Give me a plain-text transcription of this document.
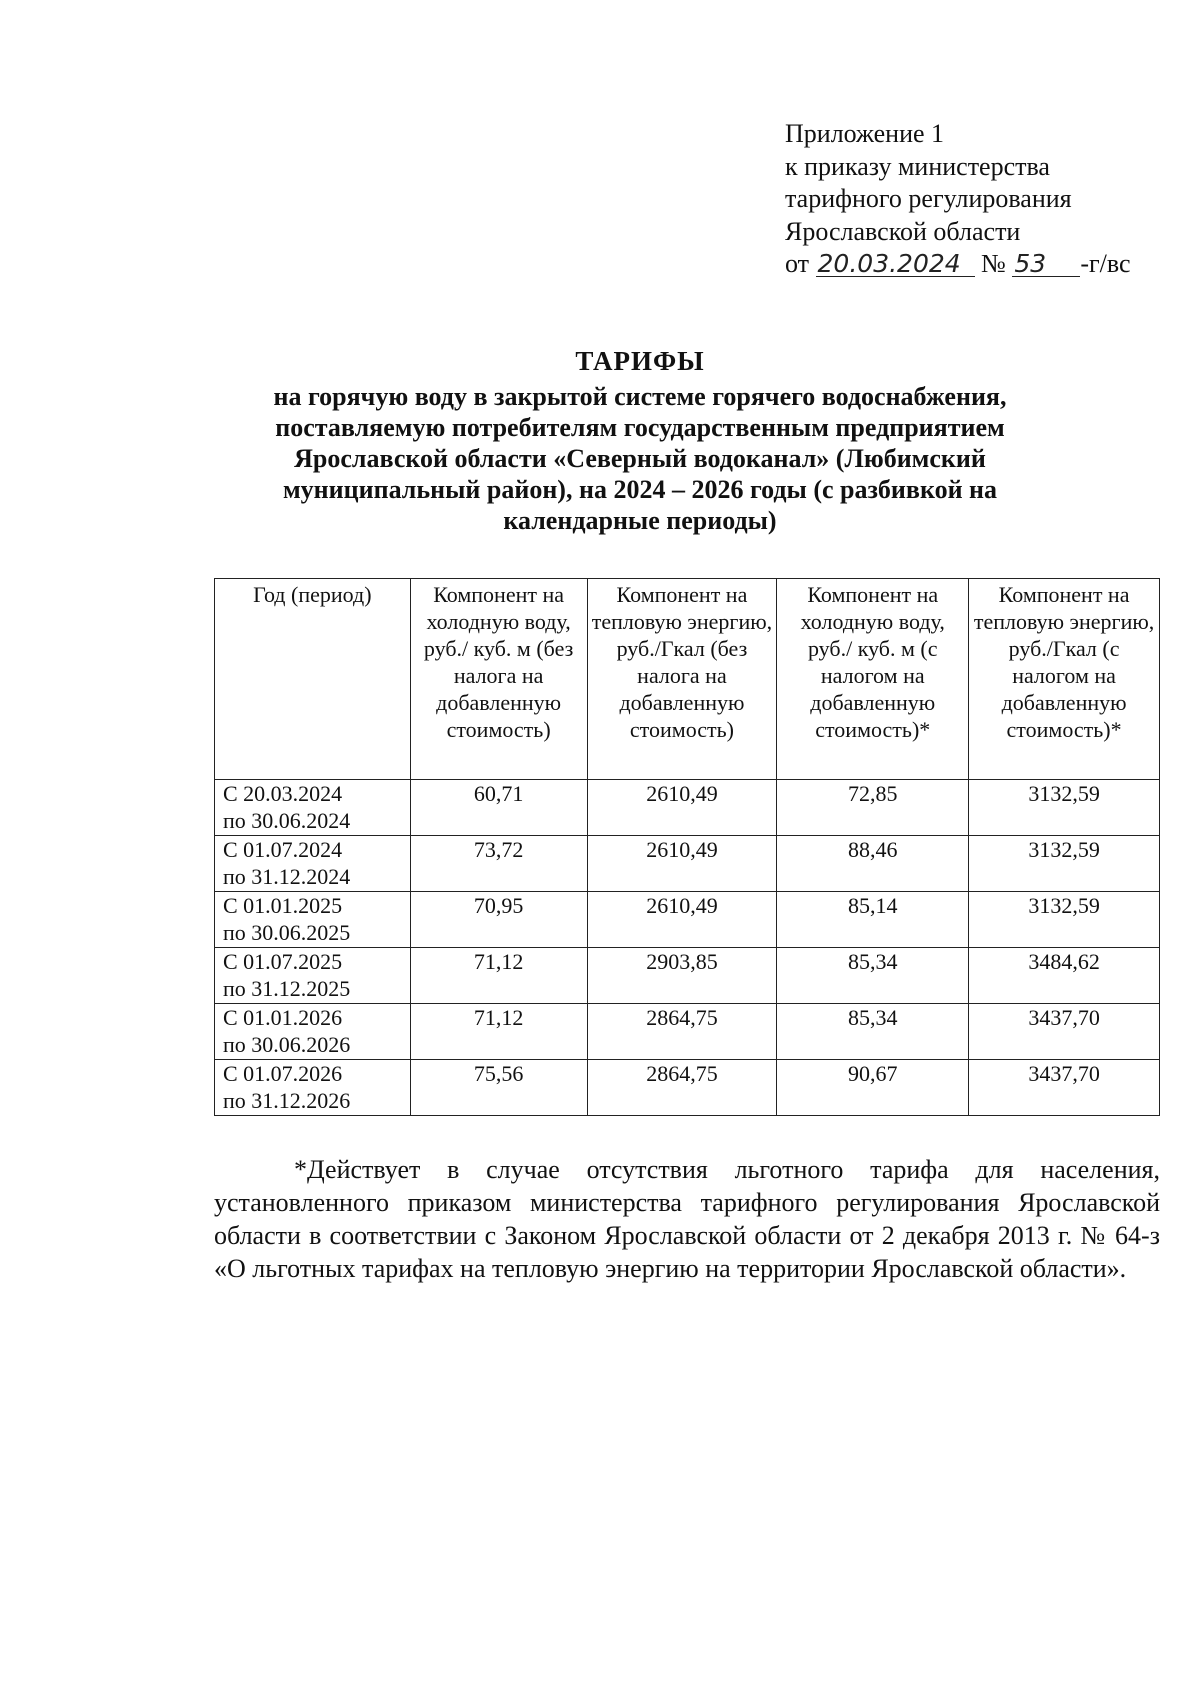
Приложение 1
к приказу министерства
тарифного регулирования
Ярославской области
от 20.03.2024 № 53 -г/вс
ТАРИФЫ
на горячую воду в закрытой системе горячего водоснабжения,
поставляемую потребителям государственным предприятием
Ярославской области «Северный водоканал» (Любимский
муниципальный район), на 2024 – 2026 годы (с разбивкой на
календарные периоды)
Год (период)	Компонент на холодную воду, руб./ куб. м (без налога на добавленную стоимость)	Компонент на тепловую энергию, руб./Гкал (без налога на добавленную стоимость)	Компонент на холодную воду, руб./ куб. м (с налогом на добавленную стоимость)*	Компонент на тепловую энергию, руб./Гкал (с налогом на добавленную стоимость)*

С 20.03.2024
по 30.06.2024	60,71	2610,49	72,85	3132,59

С 01.07.2024
по 31.12.2024	73,72	2610,49	88,46	3132,59

С 01.01.2025
по 30.06.2025	70,95	2610,49	85,14	3132,59

С 01.07.2025
по 31.12.2025	71,12	2903,85	85,34	3484,62

С 01.01.2026
по 30.06.2026	71,12	2864,75	85,34	3437,70

С 01.07.2026
по 31.12.2026	75,56	2864,75	90,67	3437,70
*Действует в случае отсутствия льготного тарифа для населения, установленного приказом министерства тарифного регулирования Ярославской области в соответствии с Законом Ярославской области от 2 декабря 2013 г. № 64-з «О льготных тарифах на тепловую энергию на территории Ярославской области».
